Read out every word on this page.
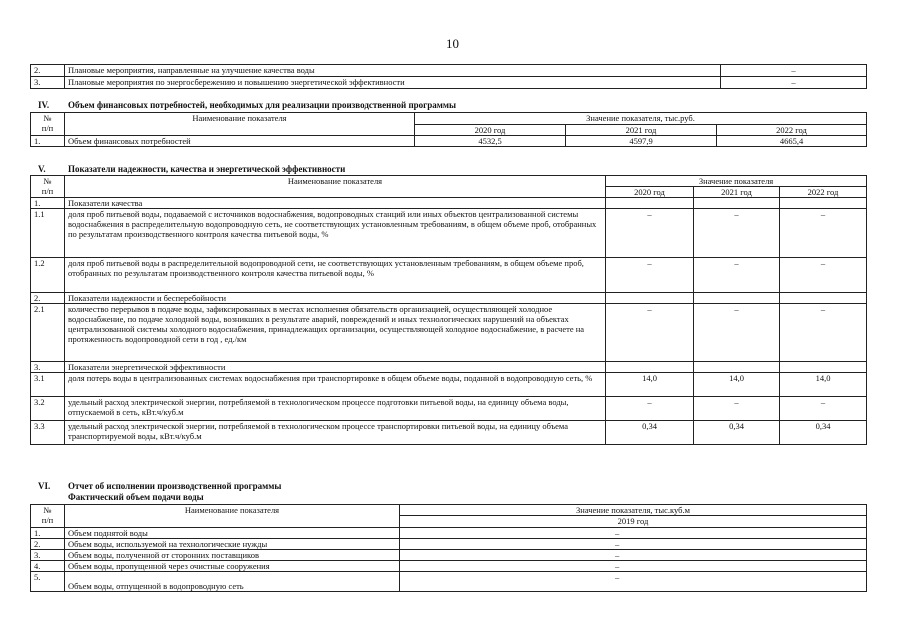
10
2.	Плановые мероприятия, направленные на улучшение качества воды	–
3.	Плановые мероприятия по энергосбережению и повышению энергетической эффективности	–
IV. Объем финансовых потребностей, необходимых для реализации производственной программы
№
п/п	Наименование показателя	Значение показателя, тыс.руб.		
		2020 год	2021 год	2022 год
1.	Объем финансовых потребностей	4532,5	4597,9	4665,4
V. Показатели надежности, качества и энергетической эффективности
№
п/п	Наименование показателя	Значение показателя		
		2020 год	2021 год	2022 год
1.	Показатели качества			
1.1	доля проб питьевой воды, подаваемой с источников водоснабжения, водопроводных станций или иных объектов централизованной системы водоснабжения в распределительную водопроводную сеть, не соответствующих установленным требованиям, в общем объеме проб, отобранных по результатам производственного контроля качества питьевой воды, %	–	–	–
1.2	доля проб питьевой воды в распределительной водопроводной сети, не соответствующих установленным требованиям, в общем объеме проб, отобранных по результатам производственного контроля качества питьевой воды, %	–	–	–
2.	Показатели надежности и бесперебойности			
2.1	количество перерывов в подаче воды, зафиксированных в местах исполнения обязательств организацией, осуществляющей холодное водоснабжение, по подаче холодной воды, возникших в результате аварий, повреждений и иных технологических нарушений на объектах централизованной системы холодного водоснабжения, принадлежащих организации, осуществляющей холодное водоснабжение, в расчете на протяженность водопроводной сети в год , ед./км	–	–	–
3.	Показатели энергетической эффективности			
3.1	доля потерь воды в централизованных системах водоснабжения при транспортировке в общем объеме воды, поданной в водопроводную сеть, %	14,0	14,0	14,0
3.2	удельный расход электрической энергии, потребляемой в технологическом процессе подготовки питьевой воды, на единицу объема воды, отпускаемой в сеть, кВт.ч/куб.м	–	–	–
3.3	удельный расход электрической энергии, потребляемой в технологическом процессе транспортировки питьевой воды, на единицу объема транспортируемой воды, кВт.ч/куб.м	0,34	0,34	0,34
VI. Отчет об исполнении производственной программы
Фактический объем подачи воды
№
п/п	Наименование показателя	Значение показателя, тыс.куб.м
		2019 год
1.	Объем поднятой воды	–
2.	Объем воды, используемой на технологические нужды	–
3.	Объем воды, полученной от сторонних поставщиков	–
4.	Объем воды, пропущенной через очистные сооружения	–
5.	Объем воды, отпущенной в водопроводную сеть	–
